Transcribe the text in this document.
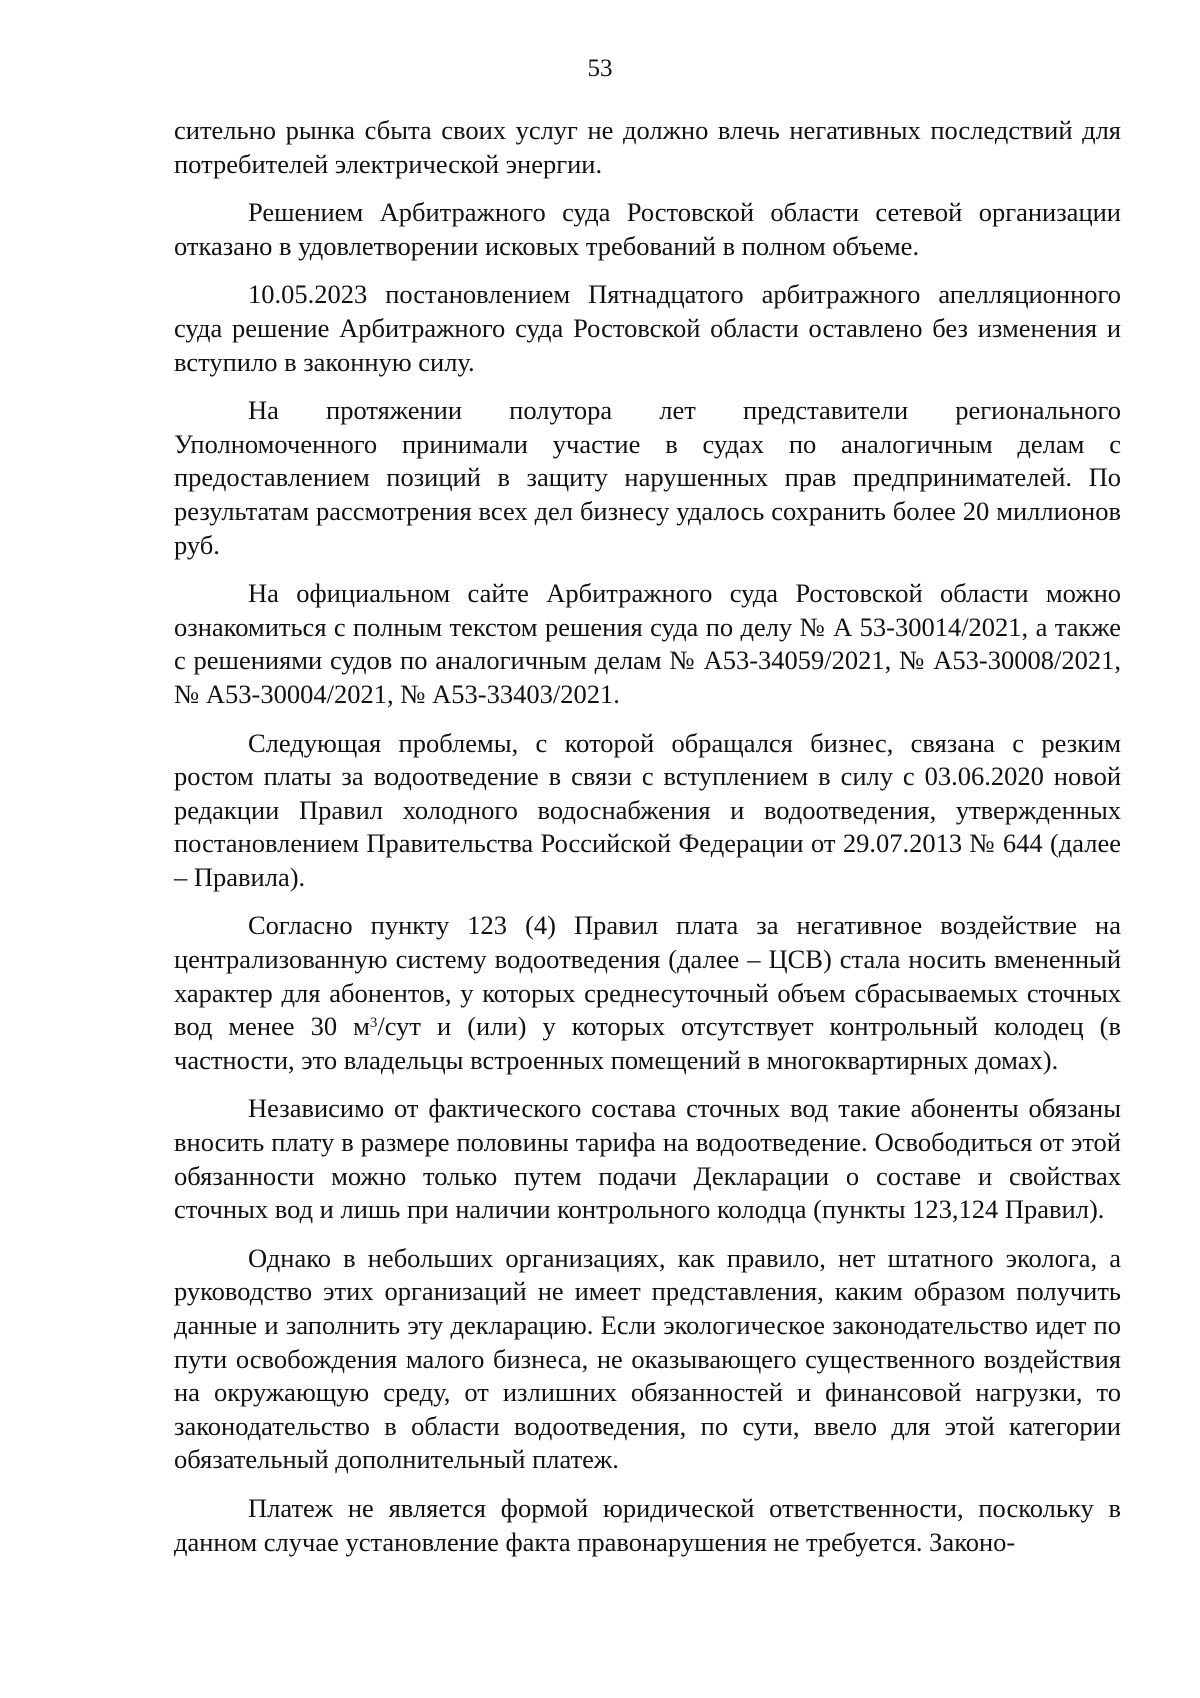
53

сительно рынка сбыта своих услуг не должно влечь негативных последствий для потребителей электрической энергии.

Решением Арбитражного суда Ростовской области сетевой организации отказано в удовлетворении исковых требований в полном объеме.

10.05.2023 постановлением Пятнадцатого арбитражного апелляционного суда решение Арбитражного суда Ростовской области оставлено без изменения и вступило в законную силу.

На протяжении полутора лет представители регионального Уполномоченного принимали участие в судах по аналогичным делам с предоставлением позиций в защиту нарушенных прав предпринимателей. По результатам рассмотрения всех дел бизнесу удалось сохранить более 20 миллионов руб.

На официальном сайте Арбитражного суда Ростовской области можно ознакомиться с полным текстом решения суда по делу № А 53-30014/2021, а также с решениями судов по аналогичным делам № А53-34059/2021, № А53-30008/2021, № А53-30004/2021, № А53-33403/2021.

Следующая проблемы, с которой обращался бизнес, связана с резким ростом платы за водоотведение в связи с вступлением в силу с 03.06.2020 новой редакции Правил холодного водоснабжения и водоотведения, утвержденных постановлением Правительства Российской Федерации от 29.07.2013 № 644 (далее – Правила).

Согласно пункту 123 (4) Правил плата за негативное воздействие на централизованную систему водоотведения (далее – ЦСВ) стала носить вмененный характер для абонентов, у которых среднесуточный объем сбрасываемых сточных вод менее 30 $м^3$/сут и (или) у которых отсутствует контрольный колодец (в частности, это владельцы встроенных помещений в многоквартирных домах).

Независимо от фактического состава сточных вод такие абоненты обязаны вносить плату в размере половины тарифа на водоотведение. Освободиться от этой обязанности можно только путем подачи Декларации о составе и свойствах сточных вод и лишь при наличии контрольного колодца (пункты 123,124 Правил).

Однако в небольших организациях, как правило, нет штатного эколога, а руководство этих организаций не имеет представления, каким образом получить данные и заполнить эту декларацию. Если экологическое законодательство идет по пути освобождения малого бизнеса, не оказывающего существенного воздействия на окружающую среду, от излишних обязанностей и финансовой нагрузки, то законодательство в области водоотведения, по сути, ввело для этой категории обязательный дополнительный платеж.

Платеж не является формой юридической ответственности, поскольку в данном случае установление факта правонарушения не требуется. Законо-
